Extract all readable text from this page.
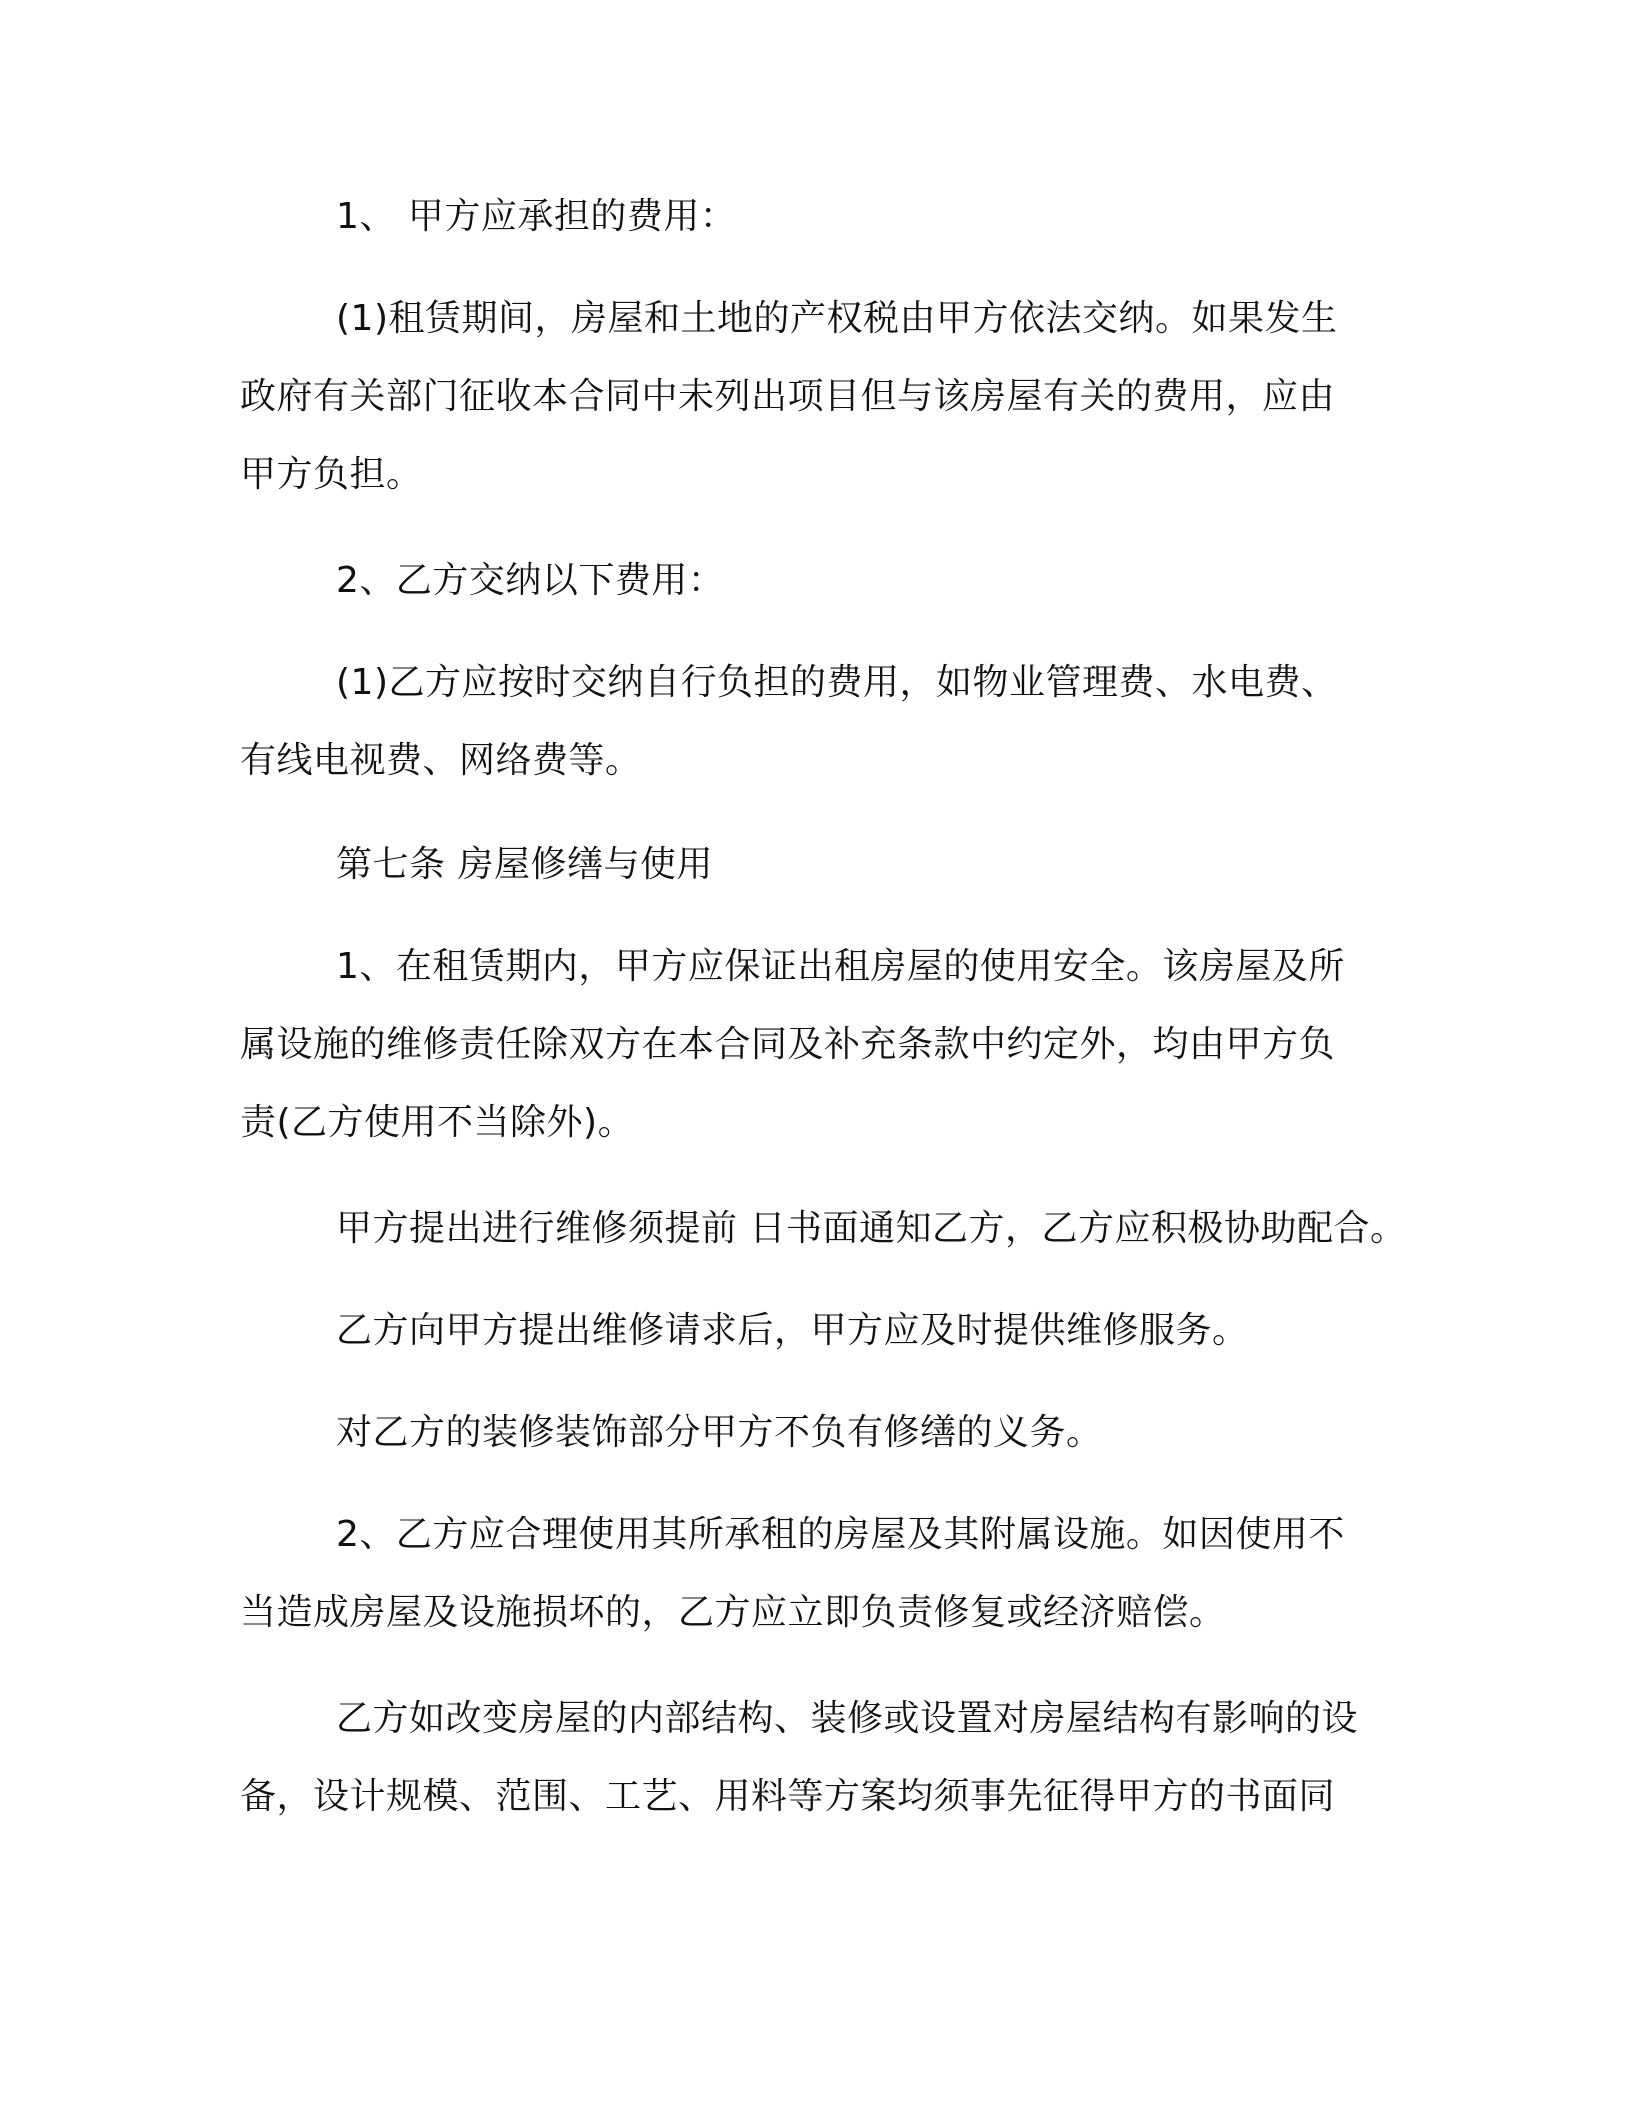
1、 甲方应承担的费用：
(1)租赁期间，房屋和土地的产权税由甲方依法交纳。如果发生
政府有关部门征收本合同中未列出项目但与该房屋有关的费用，应由
甲方负担。
2、乙方交纳以下费用：
(1)乙方应按时交纳自行负担的费用，如物业管理费、水电费、
有线电视费、网络费等。
第七条 房屋修缮与使用
1、在租赁期内，甲方应保证出租房屋的使用安全。该房屋及所
属设施的维修责任除双方在本合同及补充条款中约定外，均由甲方负
责(乙方使用不当除外)。
甲方提出进行维修须提前 日书面通知乙方，乙方应积极协助配合。
乙方向甲方提出维修请求后，甲方应及时提供维修服务。
对乙方的装修装饰部分甲方不负有修缮的义务。
2、乙方应合理使用其所承租的房屋及其附属设施。如因使用不
当造成房屋及设施损坏的，乙方应立即负责修复或经济赔偿。
乙方如改变房屋的内部结构、装修或设置对房屋结构有影响的设
备，设计规模、范围、工艺、用料等方案均须事先征得甲方的书面同
